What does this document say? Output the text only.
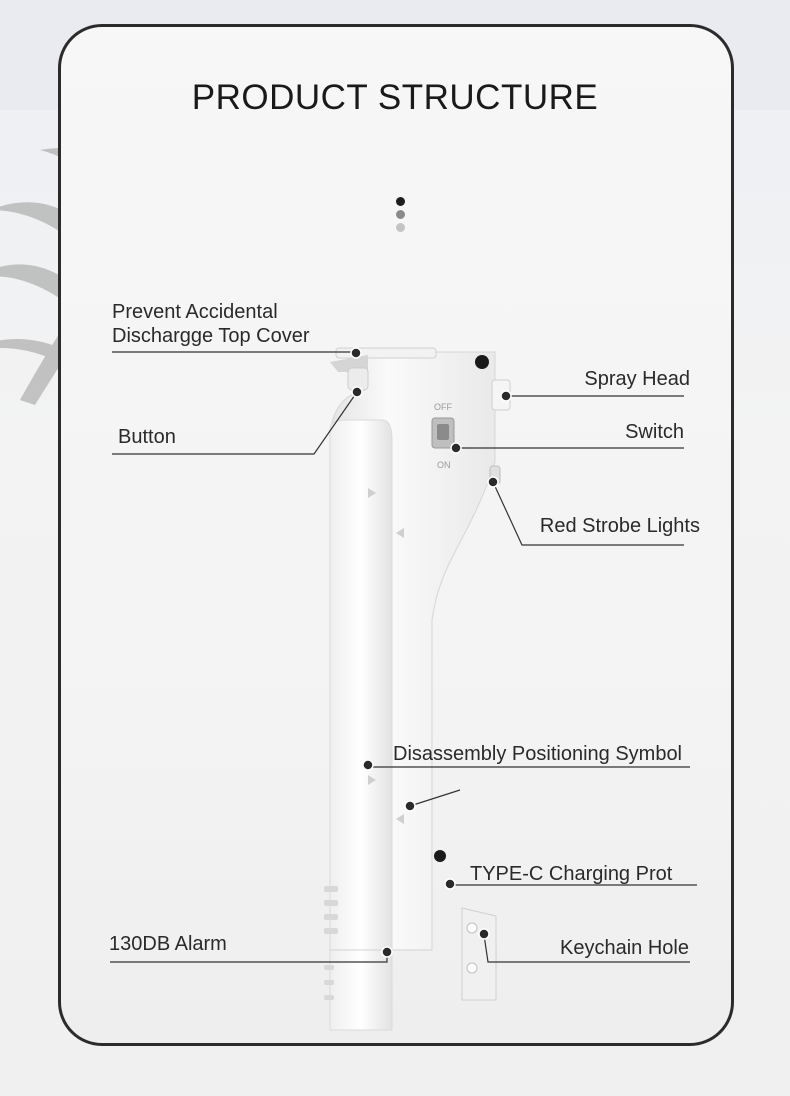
PRODUCT STRUCTURE
OFF
ON
Prevent Accidental
Dischargge Top Cover
Button
Spray Head
Switch
Red Strobe Lights
Disassembly Positioning Symbol
TYPE-C Charging Prot
130DB Alarm	Keychain Hole
